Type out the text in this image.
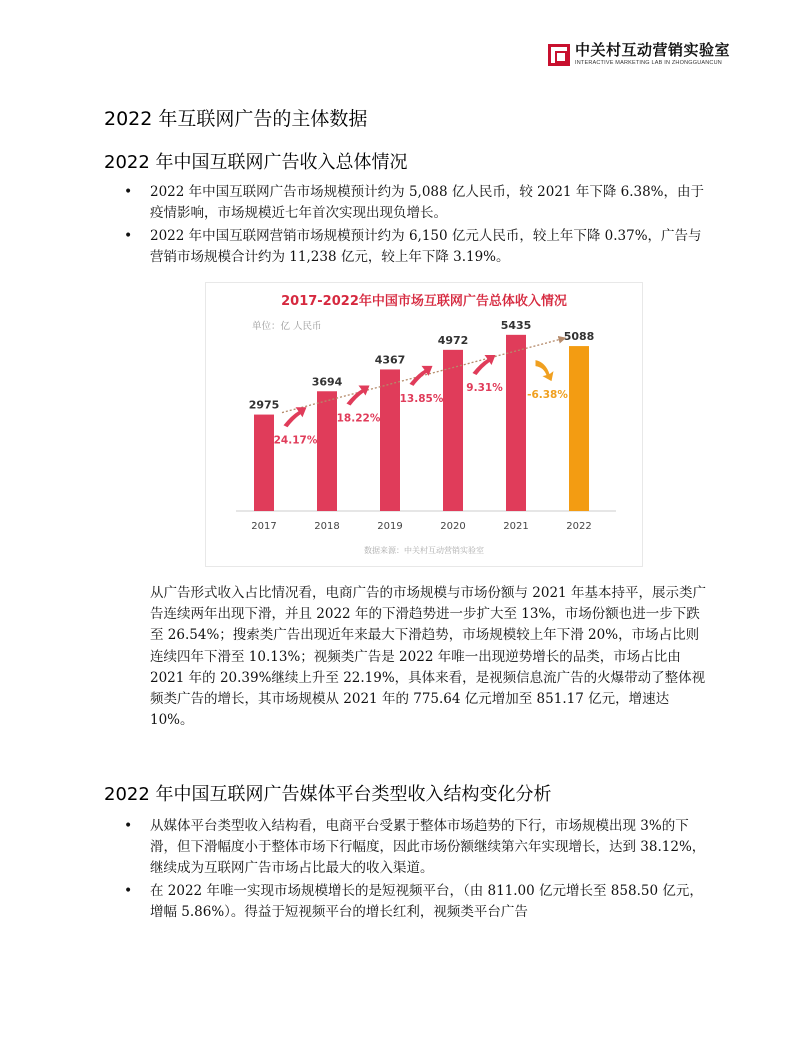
中关村互动营销实验室
INTERACTIVE MARKETING LAB IN ZHONGGUANCUN
2022 年互联网广告的主体数据
2022 年中国互联网广告收入总体情况
• 2022 年中国互联网广告市场规模预计约为 5,088 亿人民币，较 2021 年下降 6.38%，由于疫情影响，市场规模近七年首次实现出现负增长。
• 2022 年中国互联网营销市场规模预计约为 6,150 亿元人民币，较上年下降 0.37%，广告与营销市场规模合计约为 11,238 亿元，较上年下降 3.19%。
2017-2022年中国市场互联网广告总体收入情况
单位：亿 人民币
2975
2017
3694
2018
4367
2019
4972
2020
5435
2021
5088
2022
24.17%
18.22%
13.85%
9.31%
-6.38%
数据来源：中关村互动营销实验室
从广告形式收入占比情况看，电商广告的市场规模与市场份额与 2021 年基本持平，展示类广告连续两年出现下滑，并且 2022 年的下滑趋势进一步扩大至 13%，市场份额也进一步下跌至 26.54%；搜索类广告出现近年来最大下滑趋势，市场规模较上年下滑 20%，市场占比则连续四年下滑至 10.13%；视频类广告是 2022 年唯一出现逆势增长的品类，市场占比由 2021 年的 20.39%继续上升至 22.19%，具体来看，是视频信息流广告的火爆带动了整体视频类广告的增长，其市场规模从 2021 年的 775.64 亿元增加至 851.17 亿元，增速达 10%。
2022 年中国互联网广告媒体平台类型收入结构变化分析
• 从媒体平台类型收入结构看，电商平台受累于整体市场趋势的下行，市场规模出现 3%的下滑，但下滑幅度小于整体市场下行幅度，因此市场份额继续第六年实现增长，达到 38.12%，继续成为互联网广告市场占比最大的收入渠道。
• 在 2022 年唯一实现市场规模增长的是短视频平台，（由 811.00 亿元增长至 858.50 亿元，增幅 5.86%）。得益于短视频平台的增长红利，视频类平台广告
